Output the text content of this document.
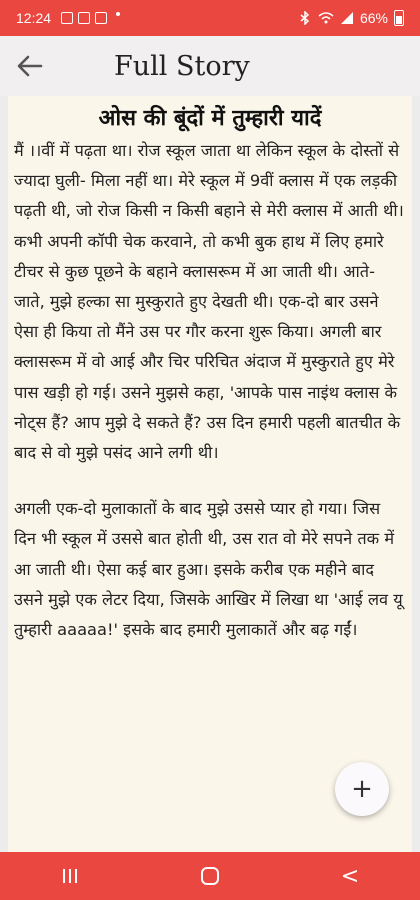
12:24	66%
Full Story
ओस की बूंदों में तुम्हारी यादें

मैं ।।वीं में पढ़ता था। रोज स्कूल जाता था लेकिन स्कूल के दोस्तों से ज्यादा घुली- मिला नहीं था। मेरे स्कूल में 9वीं क्लास में एक लड़की पढ़ती थी, जो रोज किसी न किसी बहाने से मेरी क्लास में आती थी। कभी अपनी कॉपी चेक करवाने, तो कभी बुक हाथ में लिए हमारे टीचर से कुछ पूछने के बहाने क्लासरूम में आ जाती थी। आते-जाते, मुझे हल्का सा मुस्कुराते हुए देखती थी। एक-दो बार उसने ऐसा ही किया तो मैंने उस पर गौर करना शुरू किया। अगली बार क्लासरूम में वो आई और चिर परिचित अंदाज में मुस्कुराते हुए मेरे पास खड़ी हो गई। उसने मुझसे कहा, 'आपके पास नाइंथ क्लास के नोट्स हैं? आप मुझे दे सकते हैं? उस दिन हमारी पहली बातचीत के बाद से वो मुझे पसंद आने लगी थी।

अगली एक-दो मुलाकातों के बाद मुझे उससे प्यार हो गया। जिस दिन भी स्कूल में उससे बात होती थी, उस रात वो मेरे सपने तक में आ जाती थी। ऐसा कई बार हुआ। इसके करीब एक महीने बाद उसने मुझे एक लेटर दिया, जिसके आखिर में लिखा था 'आई लव यू तुम्हारी aaaaa!' इसके बाद हमारी मुलाकातें और बढ़ गईं।

+
<
